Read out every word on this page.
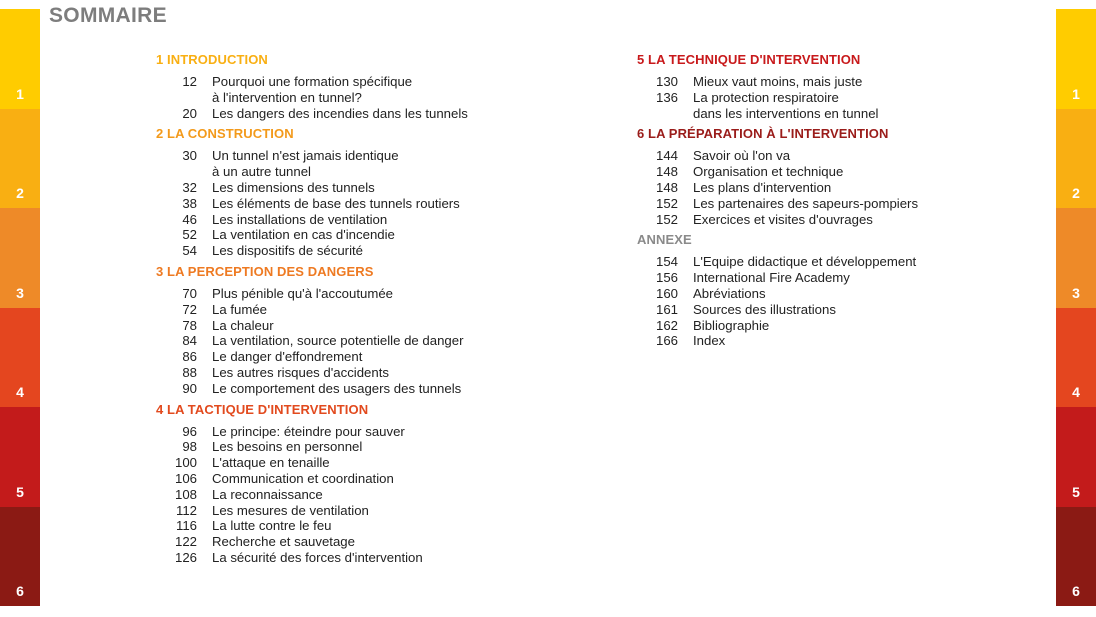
1
2
3
4
5
6
SOMMAIRE
1 INTRODUCTION
12 Pourquoi une formation spécifique
à l'intervention en tunnel?
20 Les dangers des incendies dans les tunnels
2 LA CONSTRUCTION
30 Un tunnel n'est jamais identique
à un autre tunnel
32 Les dimensions des tunnels
38 Les éléments de base des tunnels routiers
46 Les installations de ventilation
52 La ventilation en cas d'incendie
54 Les dispositifs de sécurité
3 LA PERCEPTION DES DANGERS
70 Plus pénible qu'à l'accoutumée
72 La fumée
78 La chaleur
84 La ventilation, source potentielle de danger
86 Le danger d'effondrement
88 Les autres risques d'accidents
90 Le comportement des usagers des tunnels
4 LA TACTIQUE D'INTERVENTION
96 Le principe: éteindre pour sauver
98 Les besoins en personnel
100 L'attaque en tenaille
106 Communication et coordination
108 La reconnaissance
112 Les mesures de ventilation
116 La lutte contre le feu
122 Recherche et sauvetage
126 La sécurité des forces d'intervention
5 LA TECHNIQUE D'INTERVENTION
130 Mieux vaut moins, mais juste
136 La protection respiratoire
dans les interventions en tunnel
6 LA PRÉPARATION À L'INTERVENTION
144 Savoir où l'on va
148 Organisation et technique
148 Les plans d'intervention
152 Les partenaires des sapeurs-pompiers
152 Exercices et visites d'ouvrages
ANNEXE
154 L'Equipe didactique et développement
156 International Fire Academy
160 Abréviations
161 Sources des illustrations
162 Bibliographie
166 Index
1
2
3
4
5
6
